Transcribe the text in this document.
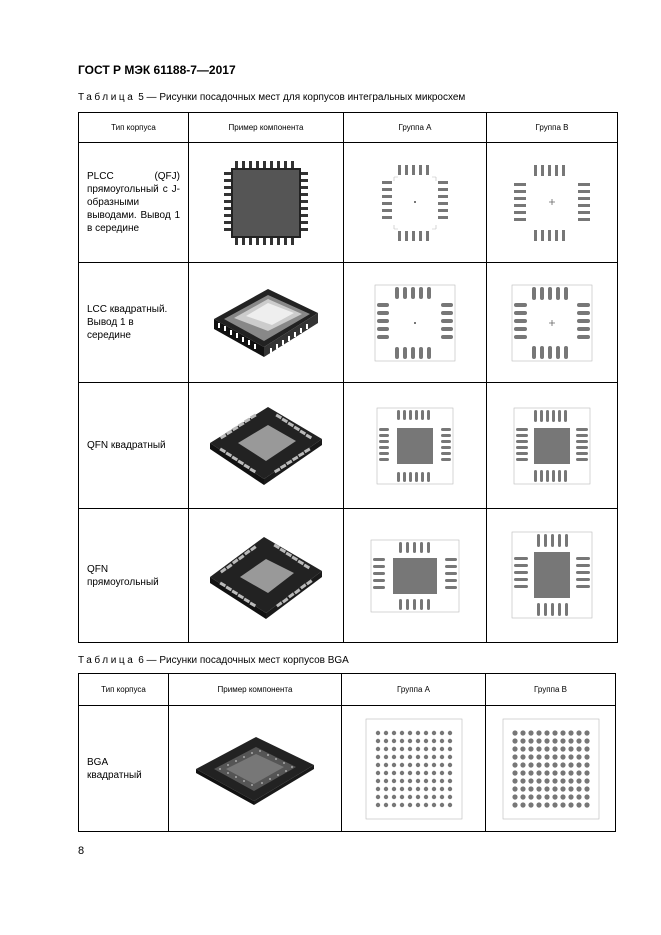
ГОСТ Р МЭК 61188-7—2017
Таблица 5 — Рисунки посадочных мест для корпусов интегральных микросхем
Тип корпуса	Пример компонента	Группа А	Группа В
PLCC (QFJ) прямоугольный с J-образными выводами. Вывод 1 в середине	

LCC квадратный. Вывод 1 в середине	

QFN квадратный	

QFN прямоугольный	

Таблица 6 — Рисунки посадочных мест корпусов BGA
Тип корпуса	Пример компонента	Группа А	Группа В
BGA квадратный	

8
